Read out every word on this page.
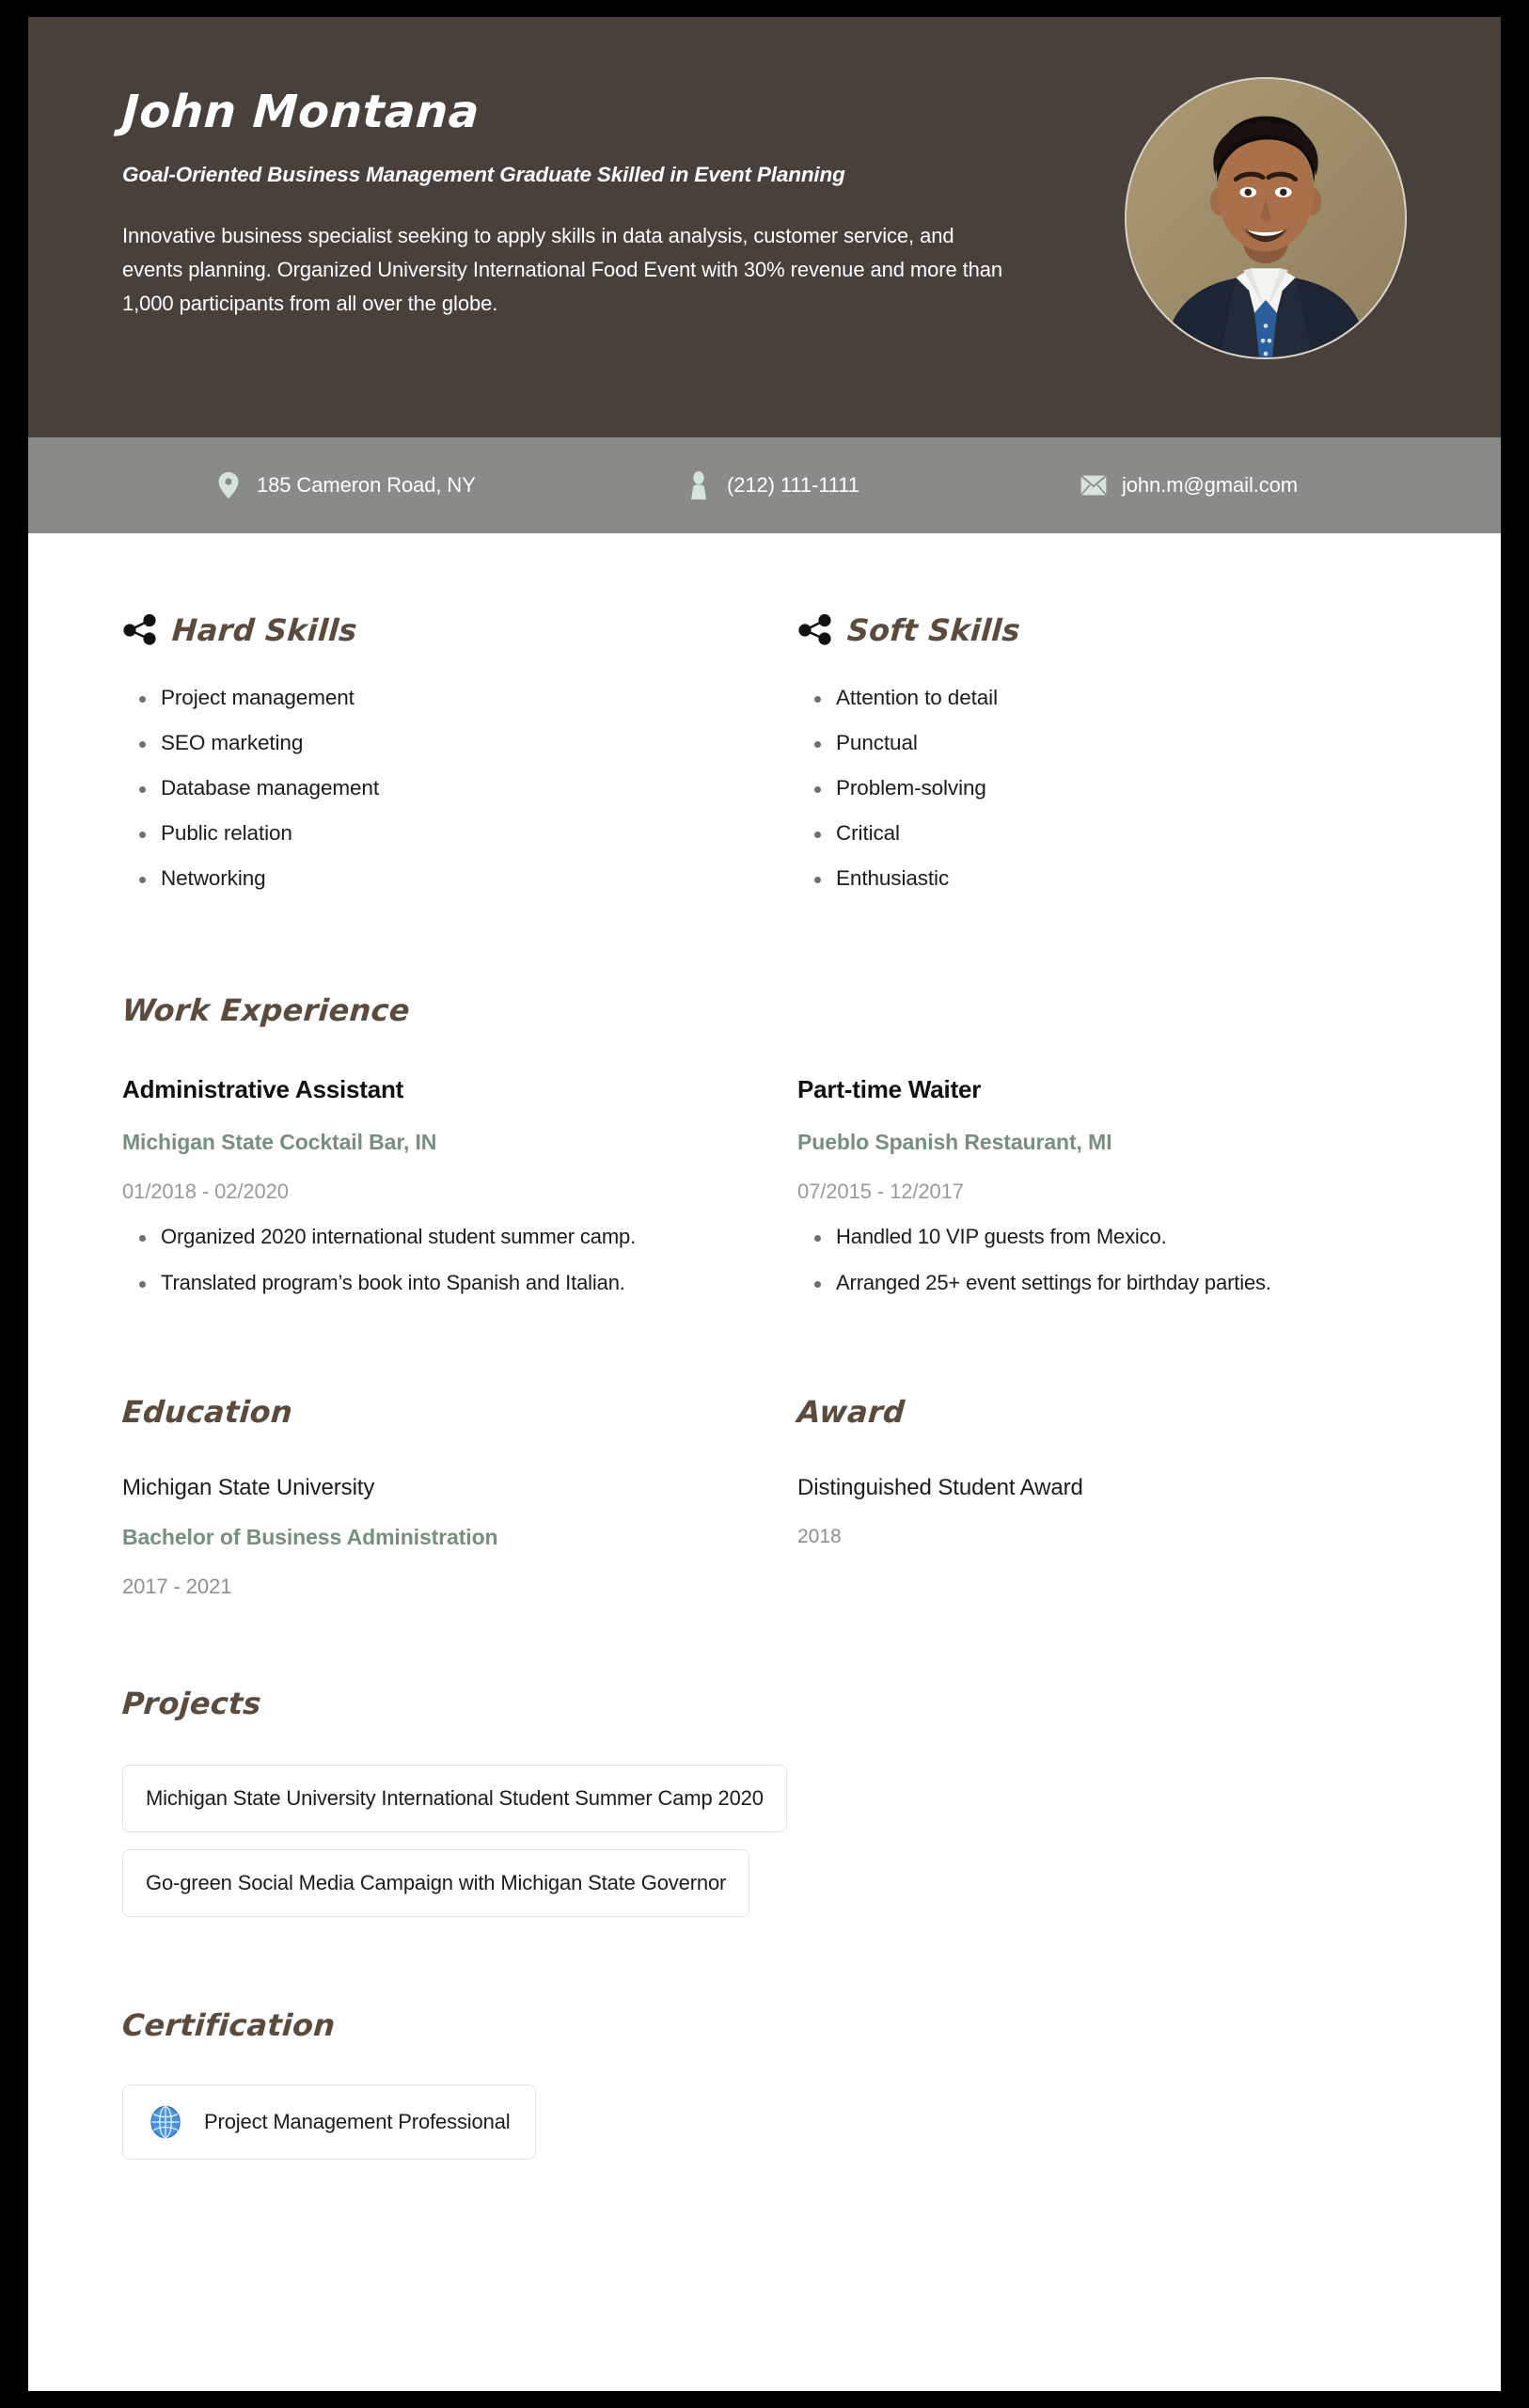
John Montana
Goal-Oriented Business Management Graduate Skilled in Event Planning
Innovative business specialist seeking to apply skills in data analysis, customer service, and events planning. Organized University International Food Event with 30% revenue and more than 1,000 participants from all over the globe.
185 Cameron Road, NY	(212) 111-1111	john.m@gmail.com
Hard Skills
Project management
SEO marketing
Database management
Public relation
Networking
Soft Skills
Attention to detail
Punctual
Problem-solving
Critical
Enthusiastic
Work Experience
Administrative Assistant
Michigan State Cocktail Bar, IN
01/2018 - 02/2020
Organized 2020 international student summer camp.
Translated program’s book into Spanish and Italian.
Part-time Waiter
Pueblo Spanish Restaurant, MI
07/2015 - 12/2017
Handled 10 VIP guests from Mexico.
Arranged 25+ event settings for birthday parties.
Education	Award
Michigan State University
Bachelor of Business Administration
2017 - 2021
Distinguished Student Award
2018
Projects
Michigan State University International Student Summer Camp 2020
Go-green Social Media Campaign with Michigan State Governor
Certification
Project Management Professional
